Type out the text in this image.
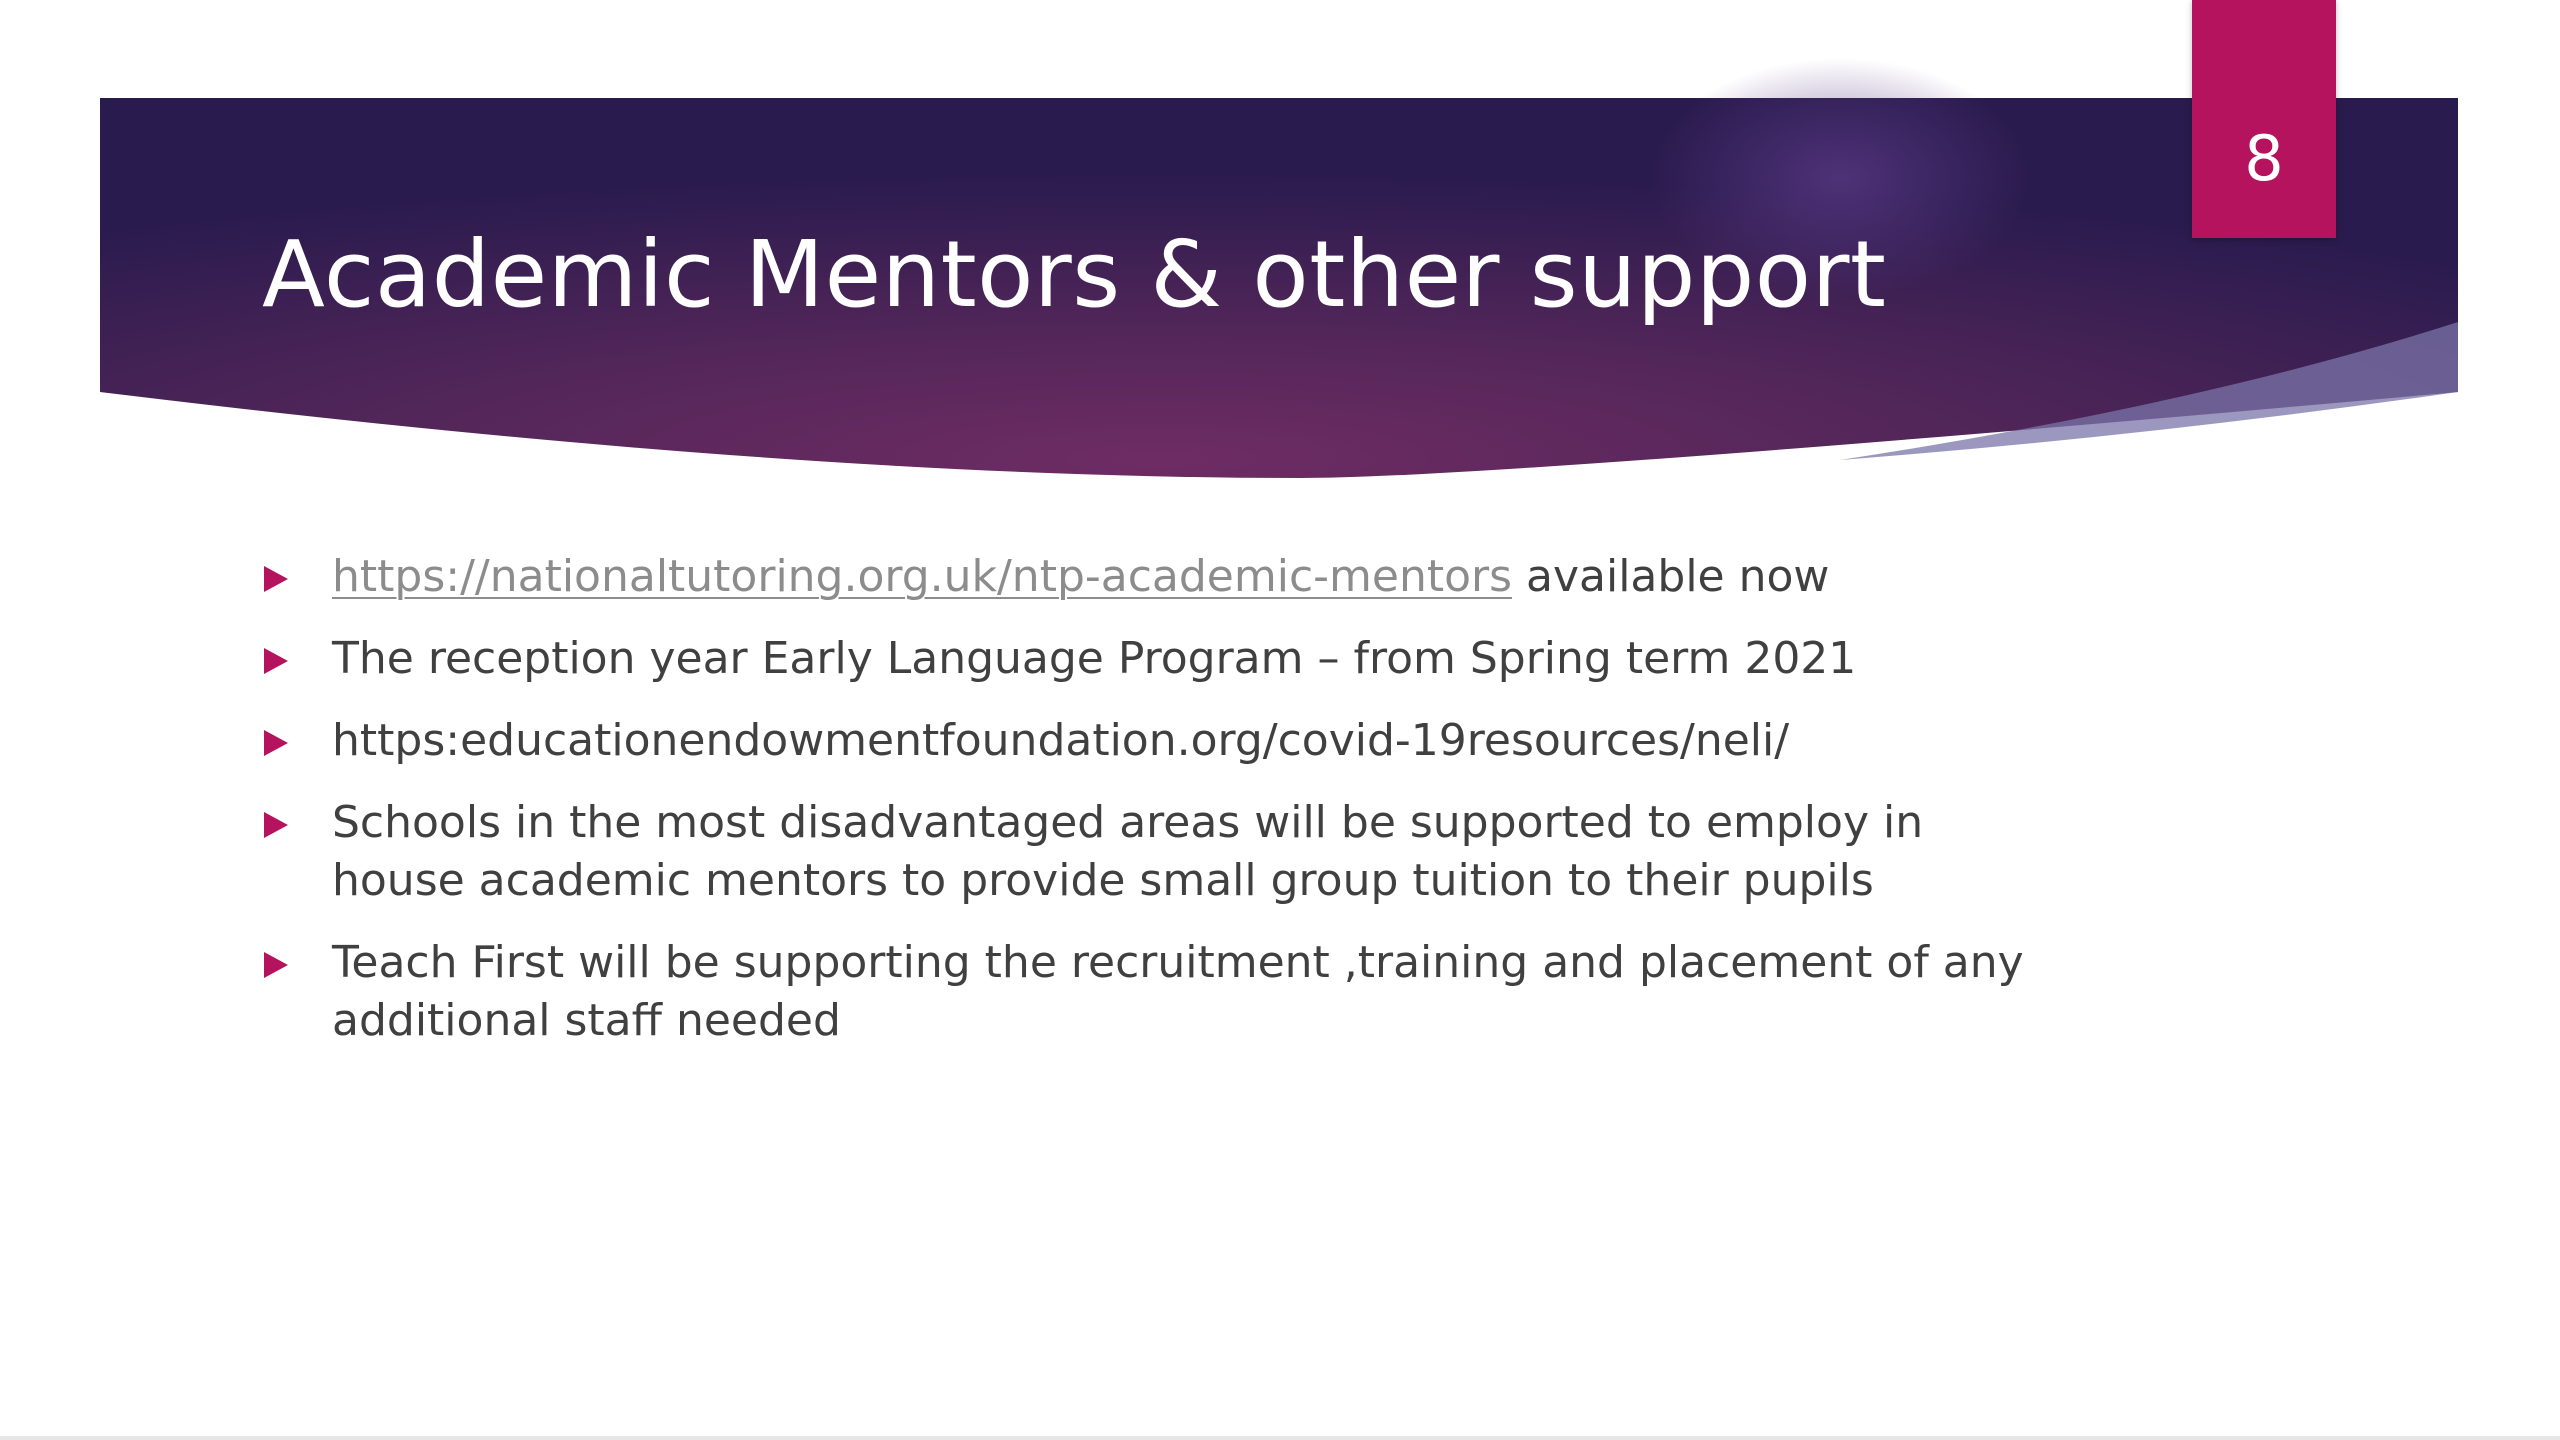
8
Academic Mentors & other support
https://nationaltutoring.org.uk/ntp-academic-mentors available now
The reception year Early Language Program – from Spring term 2021
https:educationendowmentfoundation.org/covid-19resources/neli/
Schools in the most disadvantaged areas will be supported to employ in house academic mentors to provide small group tuition to their pupils
Teach First will be supporting the recruitment ,training and placement of any additional staff needed
